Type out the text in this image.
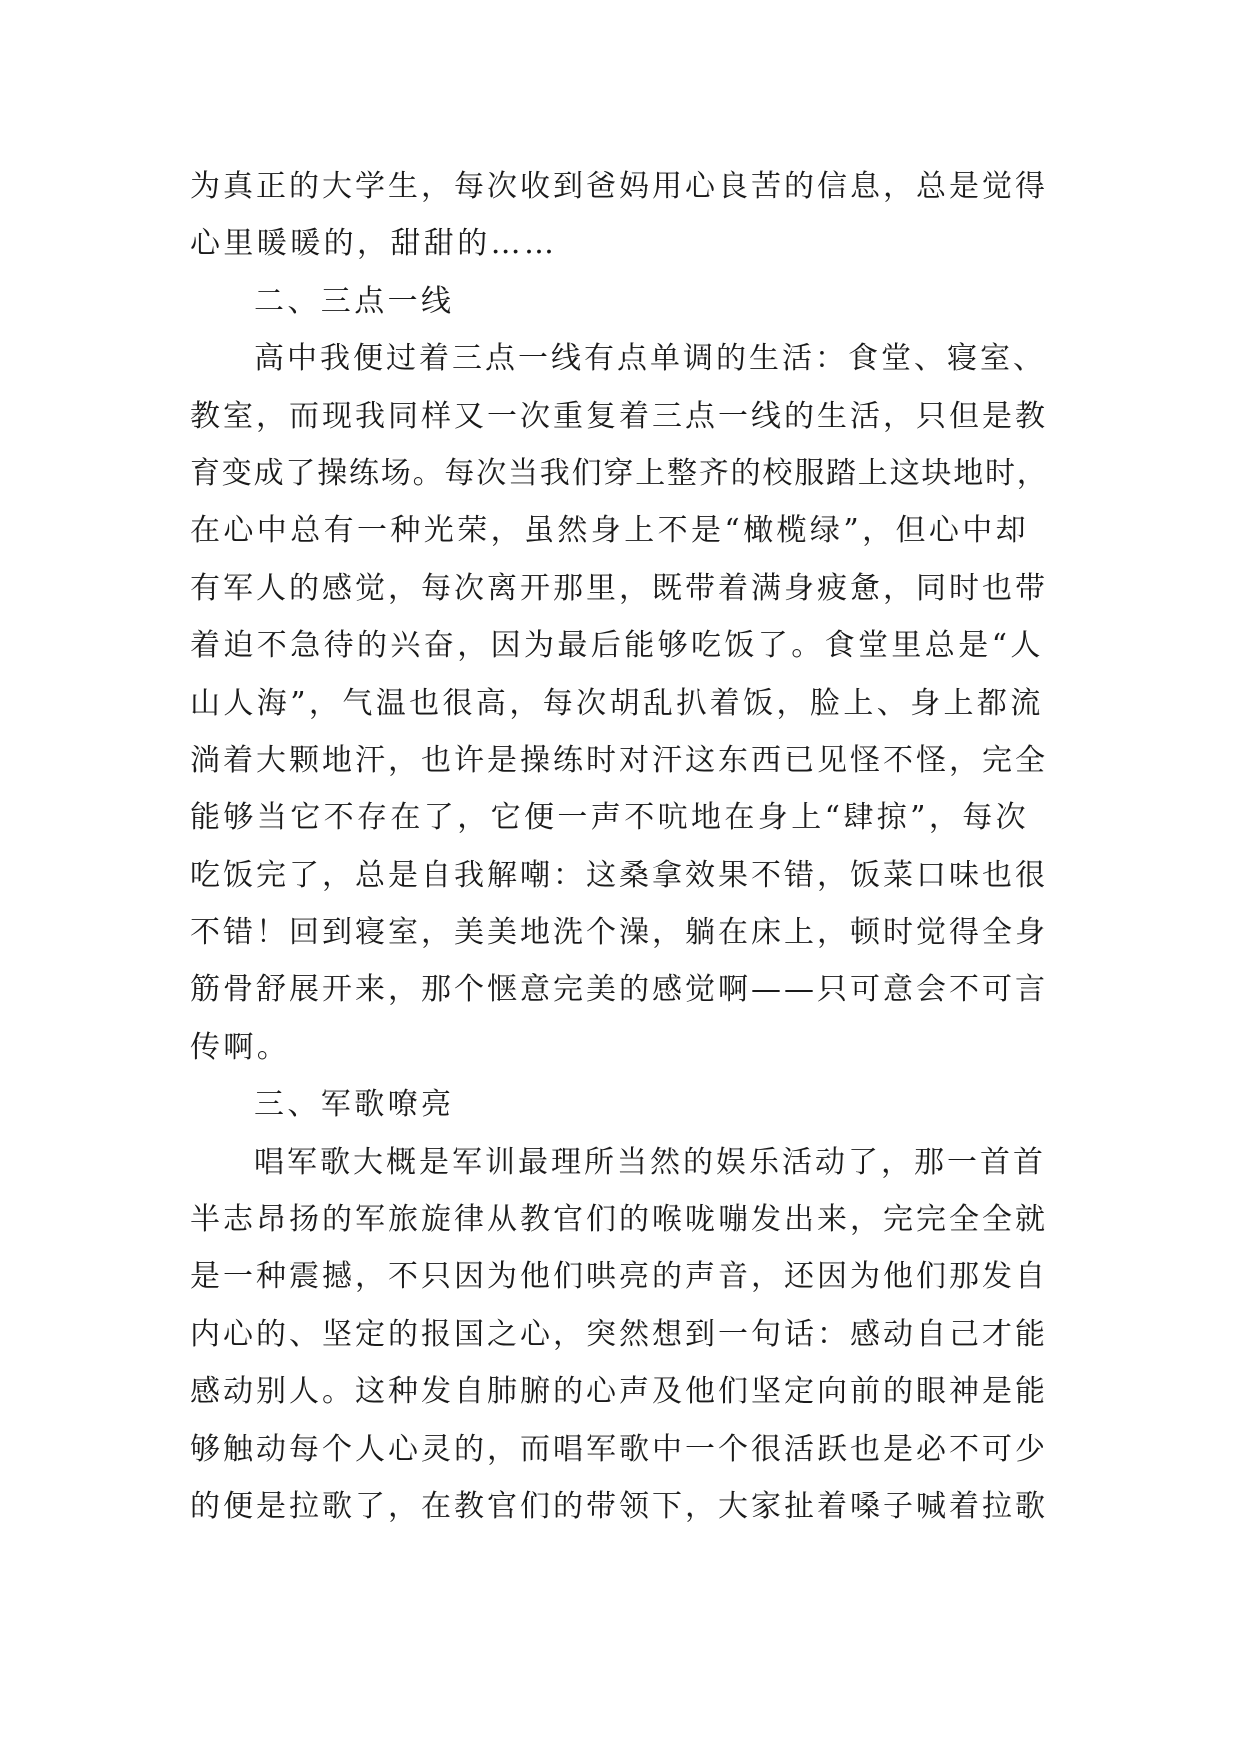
为真正的大学生，每次收到爸妈用心良苦的信息，总是觉得
心里暖暖的，甜甜的……
二、三点一线
高中我便过着三点一线有点单调的生活：食堂、寝室、
教室，而现我同样又一次重复着三点一线的生活，只但是教
育变成了操练场。每次当我们穿上整齐的校服踏上这块地时，
在心中总有一种光荣，虽然身上不是“橄榄绿”，但心中却
有军人的感觉，每次离开那里，既带着满身疲惫，同时也带
着迫不急待的兴奋，因为最后能够吃饭了。食堂里总是“人
山人海”，气温也很高，每次胡乱扒着饭，脸上、身上都流
淌着大颗地汗，也许是操练时对汗这东西已见怪不怪，完全
能够当它不存在了，它便一声不吭地在身上“肆掠”，每次
吃饭完了，总是自我解嘲：这桑拿效果不错，饭菜口味也很
不错！回到寝室，美美地洗个澡，躺在床上，顿时觉得全身
筋骨舒展开来，那个惬意完美的感觉啊——只可意会不可言
传啊。
三、军歌嘹亮
唱军歌大概是军训最理所当然的娱乐活动了，那一首首
半志昂扬的军旅旋律从教官们的喉咙嘣发出来，完完全全就
是一种震撼，不只因为他们哄亮的声音，还因为他们那发自
内心的、坚定的报国之心，突然想到一句话：感动自己才能
感动别人。这种发自肺腑的心声及他们坚定向前的眼神是能
够触动每个人心灵的，而唱军歌中一个很活跃也是必不可少
的便是拉歌了，在教官们的带领下，大家扯着嗓子喊着拉歌
